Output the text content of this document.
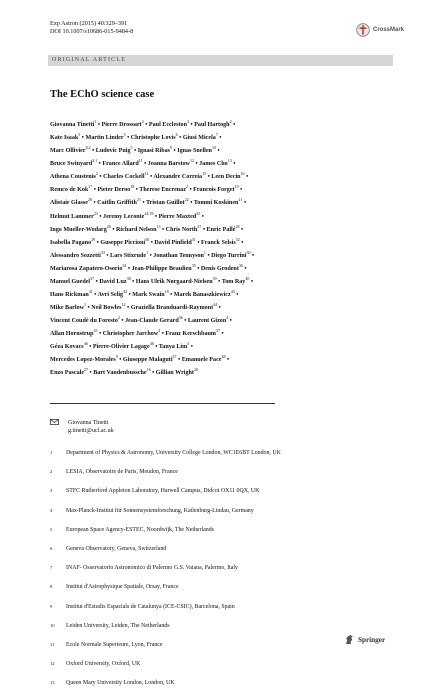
Exp Astron (2015) 40:329–391
DOI 10.1007/s10686-015-9484-8	CrossMark
ORIGINAL ARTICLE
The EChO science case
Giovanna Tinetti$^1$ • Pierre Drossart$^2$ • Paul Eccleston$^3$ • Paul Hartogh$^4$ •
Kate Isaak$^5$ • Martin Linder$^5$ • Christophe Lovis$^6$ • Giusi Micela$^7$ •
Marc Ollivier$^{8,2}$ • Ludovic Puig$^5$ • Ignasi Ribas$^9$ • Ignas Snellen$^{10}$ •
Bruce Swinyard$^{3,1}$ • France Allard$^{11}$ • Joanna Barstow$^{12}$ • James Cho$^{13}$ •
Athena Coustenis$^2$ • Charles Cockell$^{14}$ • Alexandre Correia$^{15}$ • Leen Decin$^{16}$ •
Remco de Kok$^{17}$ • Pieter Deroo$^{18}$ • Therese Encrenaz$^2$ • Francois Forget$^{19}$ •
Alistair Glasse$^{20}$ • Caitlin Griffith$^{21}$ • Tristan Guillot$^{22}$ • Tommi Koskinen$^{21}$ •
Helmut Lammer$^{23}$ • Jeremy Leconte$^{24,19}$ • Pierre Maxted$^{25}$ •
Ingo Mueller-Wodarg$^{26}$ • Richard Nelson$^{13}$ • Chris North$^{27}$ • Enric Pallé$^{28}$ •
Isabella Pagano$^{29}$ • Guseppe Piccioni$^{30}$ • David Pinfield$^{31}$ • Franck Selsis$^{32}$ •
Alessandro Sozzetti$^{33}$ • Lars Stixrude$^1$ • Jonathan Tennyson$^1$ • Diego Turrini$^{30}$ •
Mariarosa Zapatero-Osorio$^{34}$ • Jean-Philippe Beaulieu$^{35}$ • Denis Grodent$^{36}$ •
Manuel Guedel$^{37}$ • David Luz$^{38}$ • Hans Ulrik Nørgaard-Nielsen$^{39}$ • Tom Ray$^{40}$ •
Hans Rickman$^{41}$ • Avri Selig$^{42}$ • Mark Swain$^{18}$ • Marek Banaszkiewicz$^{43}$ •
Mike Barlow$^1$ • Neil Bowles$^{12}$ • Graziella Branduardi-Raymont$^{44}$ •
Vincent Coudé du Foresto$^2$ • Jean-Claude Gerard$^{36}$ • Laurent Gizon$^4$ •
Allan Hornstrup$^{45}$ • Christopher Jarchow$^4$ • Franz Kerschbaum$^{37}$ •
Géza Kovacs$^{46}$ • Pierre-Olivier Lagage$^{46}$ • Tanya Lim$^3$ •
Mercedes Lopez-Morales$^9$ • Giuseppe Malaguti$^{47}$ • Emanuele Pace$^{48}$ •
Enzo Pascale$^{27}$ • Bart Vandenbussche$^{16}$ • Gillian Wright$^{20}$
Giovanna Tinetti
g.tinetti@ucl.ac.uk
1	Department of Physics & Astronomy, University College London, WC1E6BT London, UK
2	LESIA, Observatoire de Paris, Meudon, France
3	STFC Rutherford Appleton Laboratory, Harwell Campus, Didcot OX11 0QX, UK
4	Max-Planck-Institut für Sonnensystemforschung, Katlenburg-Lindau, Germany
5	European Space Agency-ESTEC, Noordwijk, The Netherlands
6	Geneva Observatory, Geneva, Switzerland
7	INAF- Osservatorio Astronomico di Palermo G.S. Vaiana, Palermo, Italy
8	Institut d'Astrophysique Spatiale, Orsay, France
9	Institut d'Estudis Espacials de Catalunya (ICE-CSIC), Barcelona, Spain
10	Leiden University, Leiden, The Netherlands
11	Ecole Normale Superieure, Lyon, France
12	Oxford University, Oxford, UK
13	Queen Mary University London, London, UK
Springer
